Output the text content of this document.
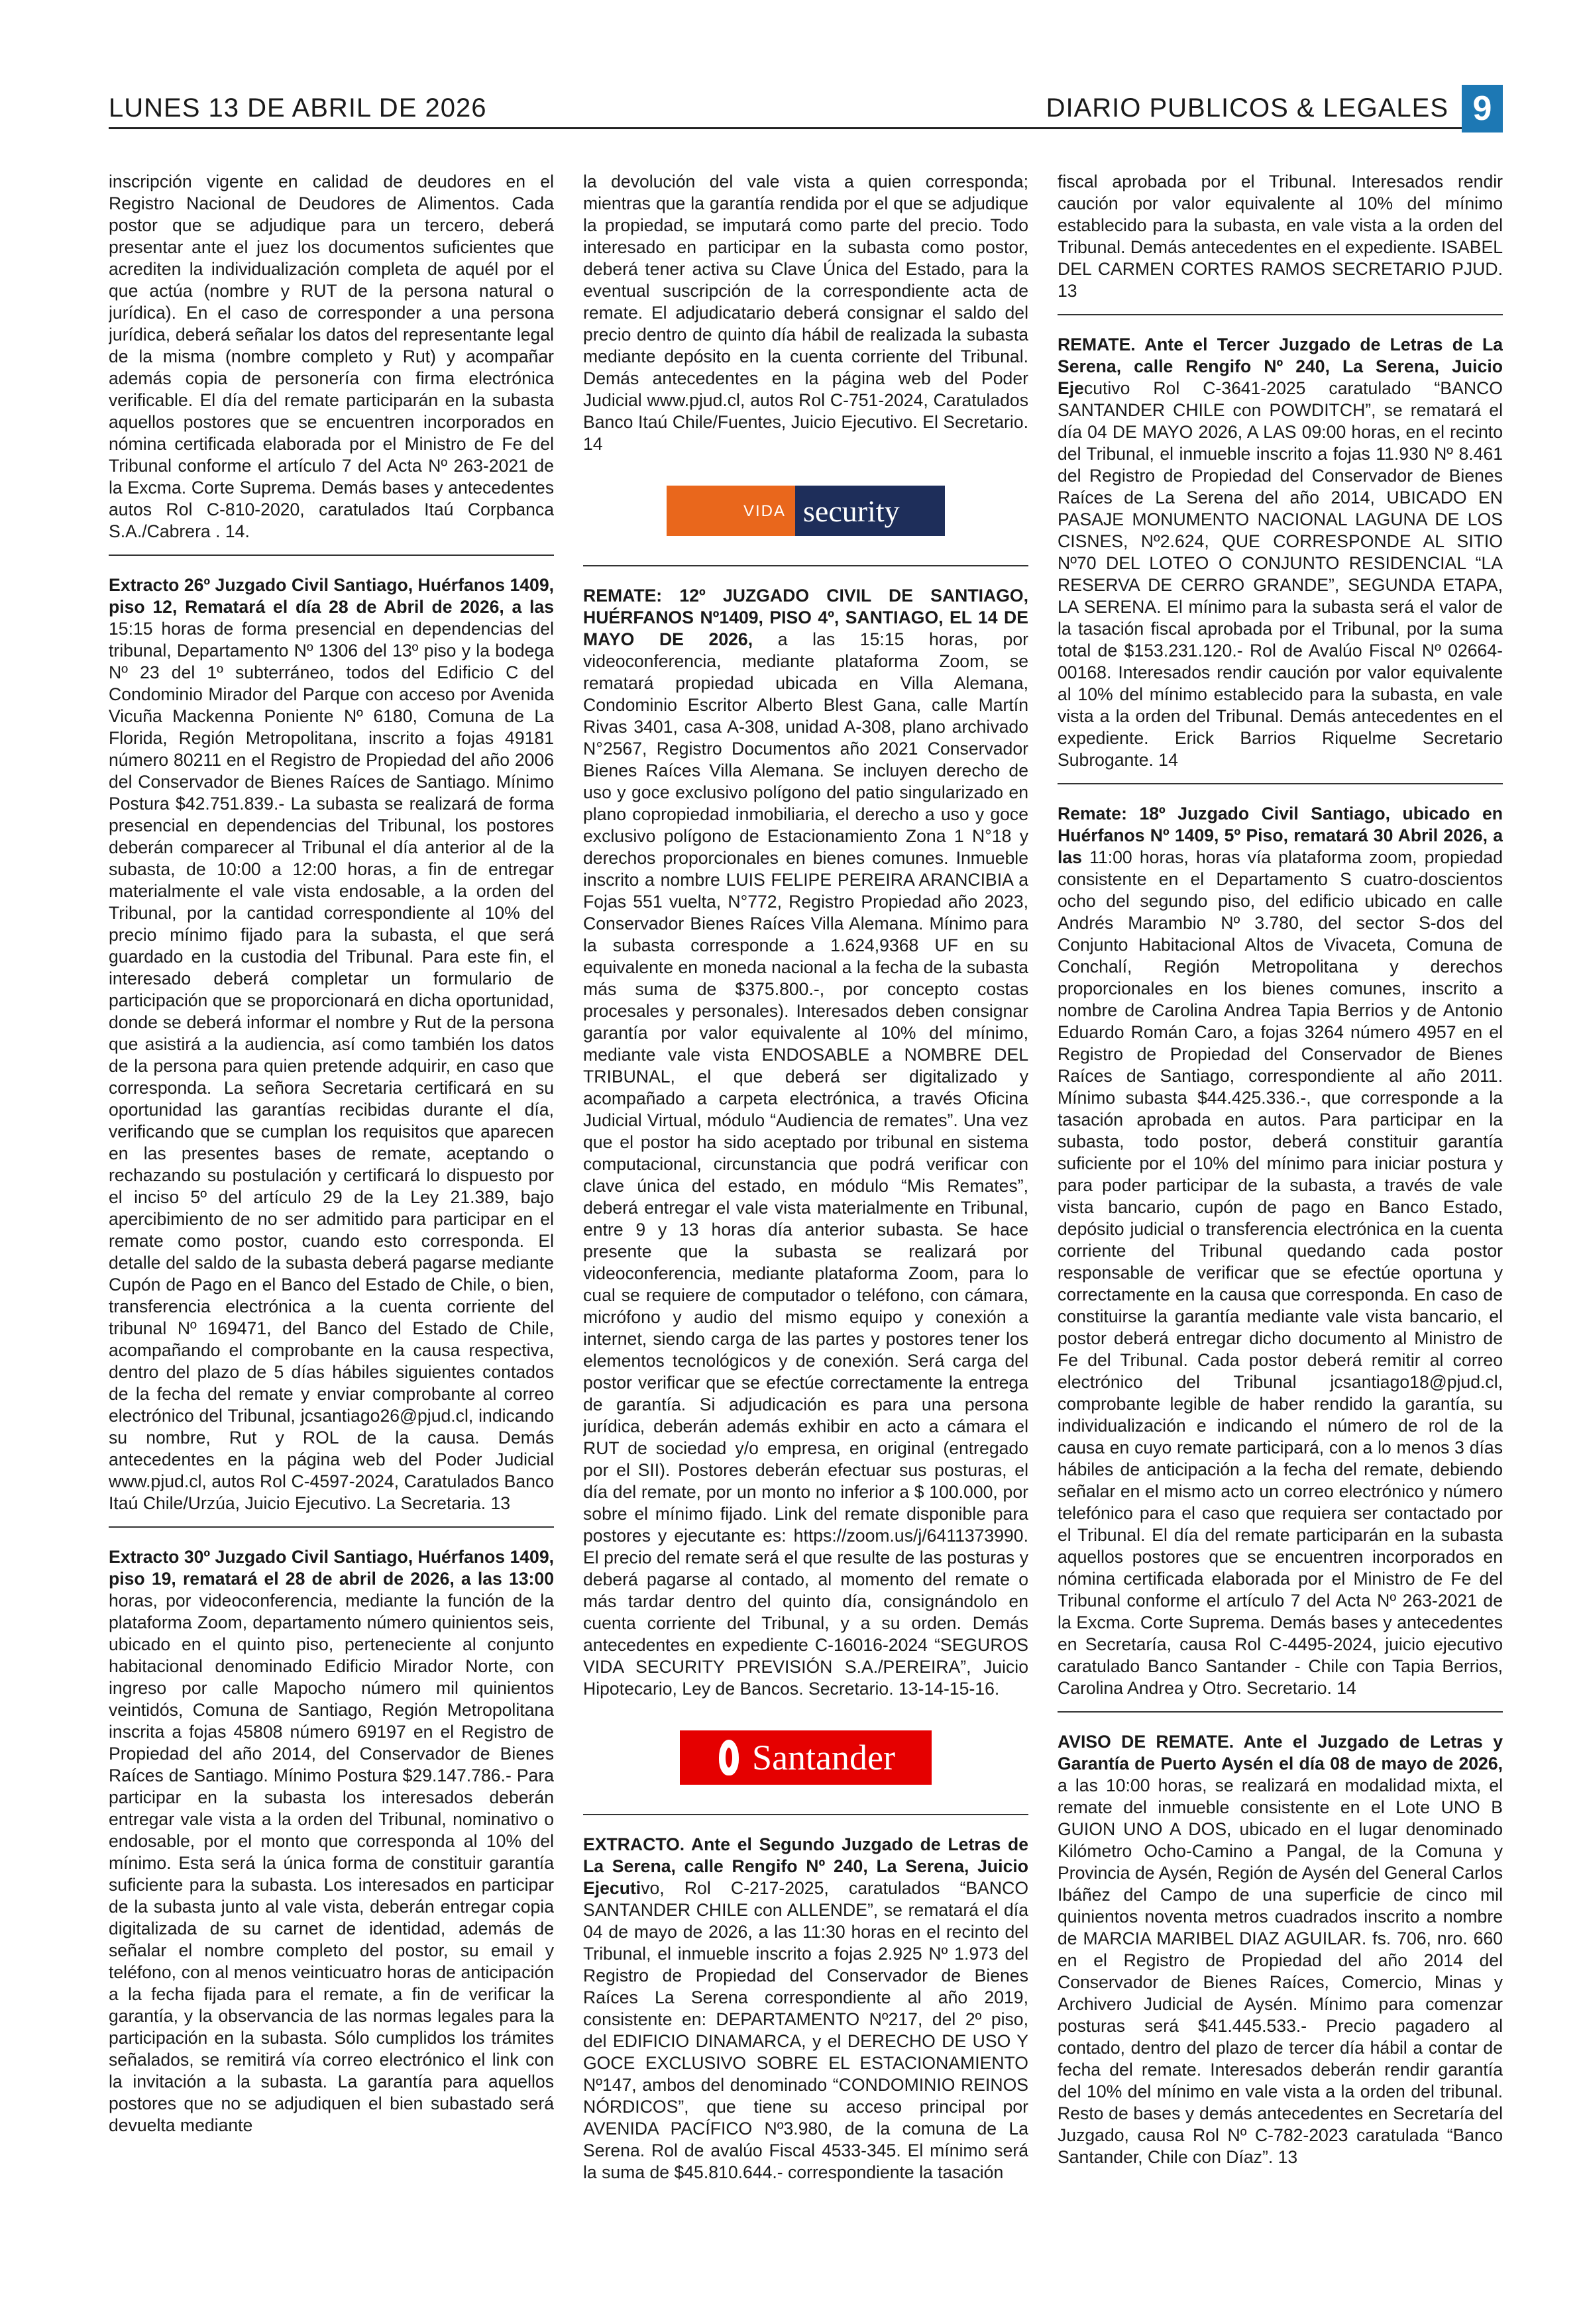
LUNES 13 DE ABRIL DE 2026	DIARIO PUBLICOS & LEGALES 9

inscripción vigente en calidad de deudores en el Registro Nacional de Deudores de Alimentos. Cada postor que se adjudique para un tercero, deberá presentar ante el juez los documentos suficientes que acrediten la individualización completa de aquél por el que actúa (nombre y RUT de la persona natural o jurídica). En el caso de corresponder a una persona jurídica, deberá señalar los datos del representante legal de la misma (nombre completo y Rut) y acompañar además copia de personería con firma electrónica verificable. El día del remate participarán en la subasta aquellos postores que se encuentren incorporados en nómina certificada elaborada por el Ministro de Fe del Tribunal conforme el artículo 7 del Acta Nº 263-2021 de la Excma. Corte Suprema. Demás bases y antecedentes autos Rol C-810-2020, caratulados Itaú Corpbanca S.A./Cabrera . 14.

Extracto 26º Juzgado Civil Santiago, Huérfanos 1409, piso 12, Rematará el día 28 de Abril de 2026, a las 15:15 horas de forma presencial en dependencias del tribunal, Departamento Nº 1306 del 13º piso y la bodega Nº 23 del 1º subterráneo, todos del Edificio C del Condominio Mirador del Parque con acceso por Avenida Vicuña Mackenna Poniente Nº 6180, Comuna de La Florida, Región Metropolitana, inscrito a fojas 49181 número 80211 en el Registro de Propiedad del año 2006 del Conservador de Bienes Raíces de Santiago. Mínimo Postura $42.751.839.- La subasta se realizará de forma presencial en dependencias del Tribunal, los postores deberán comparecer al Tribunal el día anterior al de la subasta, de 10:00 a 12:00 horas, a fin de entregar materialmente el vale vista endosable, a la orden del Tribunal, por la cantidad correspondiente al 10% del precio mínimo fijado para la subasta, el que será guardado en la custodia del Tribunal. Para este fin, el interesado deberá completar un formulario de participación que se proporcionará en dicha oportunidad, donde se deberá informar el nombre y Rut de la persona que asistirá a la audiencia, así como también los datos de la persona para quien pretende adquirir, en caso que corresponda. La señora Secretaria certificará en su oportunidad las garantías recibidas durante el día, verificando que se cumplan los requisitos que aparecen en las presentes bases de remate, aceptando o rechazando su postulación y certificará lo dispuesto por el inciso 5º del artículo 29 de la Ley 21.389, bajo apercibimiento de no ser admitido para participar en el remate como postor, cuando esto corresponda. El detalle del saldo de la subasta deberá pagarse mediante Cupón de Pago en el Banco del Estado de Chile, o bien, transferencia electrónica a la cuenta corriente del tribunal Nº 169471, del Banco del Estado de Chile, acompañando el comprobante en la causa respectiva, dentro del plazo de 5 días hábiles siguientes contados de la fecha del remate y enviar comprobante al correo electrónico del Tribunal, jcsantiago26@pjud.cl, indicando su nombre, Rut y ROL de la causa. Demás antecedentes en la página web del Poder Judicial www.pjud.cl, autos Rol C-4597-2024, Caratulados Banco Itaú Chile/Urzúa, Juicio Ejecutivo. La Secretaria. 13

Extracto 30º Juzgado Civil Santiago, Huérfanos 1409, piso 19, rematará el 28 de abril de 2026, a las 13:00 horas, por videoconferencia, mediante la función de la plataforma Zoom, departamento número quinientos seis, ubicado en el quinto piso, perteneciente al conjunto habitacional denominado Edificio Mirador Norte, con ingreso por calle Mapocho número mil quinientos veintidós, Comuna de Santiago, Región Metropolitana inscrita a fojas 45808 número 69197 en el Registro de Propiedad del año 2014, del Conservador de Bienes Raíces de Santiago. Mínimo Postura $29.147.786.- Para participar en la subasta los interesados deberán entregar vale vista a la orden del Tribunal, nominativo o endosable, por el monto que corresponda al 10% del mínimo. Esta será la única forma de constituir garantía suficiente para la subasta. Los interesados en participar de la subasta junto al vale vista, deberán entregar copia digitalizada de su carnet de identidad, además de señalar el nombre completo del postor, su email y teléfono, con al menos veinticuatro horas de anticipación a la fecha fijada para el remate, a fin de verificar la garantía, y la observancia de las normas legales para la participación en la subasta. Sólo cumplidos los trámites señalados, se remitirá vía correo electrónico el link con la invitación a la subasta. La garantía para aquellos postores que no se adjudiquen el bien subastado será devuelta mediante

la devolución del vale vista a quien corresponda; mientras que la garantía rendida por el que se adjudique la propiedad, se imputará como parte del precio. Todo interesado en participar en la subasta como postor, deberá tener activa su Clave Única del Estado, para la eventual suscripción de la correspondiente acta de remate. El adjudicatario deberá consignar el saldo del precio dentro de quinto día hábil de realizada la subasta mediante depósito en la cuenta corriente del Tribunal. Demás antecedentes en la página web del Poder Judicial www.pjud.cl, autos Rol C-751-2024, Caratulados Banco Itaú Chile/Fuentes, Juicio Ejecutivo. El Secretario. 14

VIDA security

REMATE: 12º JUZGADO CIVIL DE SANTIAGO, HUÉRFANOS Nº1409, PISO 4º, SANTIAGO, EL 14 DE MAYO DE 2026, a las 15:15 horas, por videoconferencia, mediante plataforma Zoom, se rematará propiedad ubicada en Villa Alemana, Condominio Escritor Alberto Blest Gana, calle Martín Rivas 3401, casa A-308, unidad A-308, plano archivado N°2567, Registro Documentos año 2021 Conservador Bienes Raíces Villa Alemana. Se incluyen derecho de uso y goce exclusivo polígono del patio singularizado en plano copropiedad inmobiliaria, el derecho a uso y goce exclusivo polígono de Estacionamiento Zona 1 N°18 y derechos proporcionales en bienes comunes. Inmueble inscrito a nombre LUIS FELIPE PEREIRA ARANCIBIA a Fojas 551 vuelta, N°772, Registro Propiedad año 2023, Conservador Bienes Raíces Villa Alemana. Mínimo para la subasta corresponde a 1.624,9368 UF en su equivalente en moneda nacional a la fecha de la subasta más suma de $375.800.-, por concepto costas procesales y personales). Interesados deben consignar garantía por valor equivalente al 10% del mínimo, mediante vale vista ENDOSABLE a NOMBRE DEL TRIBUNAL, el que deberá ser digitalizado y acompañado a carpeta electrónica, a través Oficina Judicial Virtual, módulo “Audiencia de remates”. Una vez que el postor ha sido aceptado por tribunal en sistema computacional, circunstancia que podrá verificar con clave única del estado, en módulo “Mis Remates”, deberá entregar el vale vista materialmente en Tribunal, entre 9 y 13 horas día anterior subasta. Se hace presente que la subasta se realizará por videoconferencia, mediante plataforma Zoom, para lo cual se requiere de computador o teléfono, con cámara, micrófono y audio del mismo equipo y conexión a internet, siendo carga de las partes y postores tener los elementos tecnológicos y de conexión. Será carga del postor verificar que se efectúe correctamente la entrega de garantía. Si adjudicación es para una persona jurídica, deberán además exhibir en acto a cámara el RUT de sociedad y/o empresa, en original (entregado por el SII). Postores deberán efectuar sus posturas, el día del remate, por un monto no inferior a $ 100.000, por sobre el mínimo fijado. Link del remate disponible para postores y ejecutante es: https://zoom.us/j/6411373990. El precio del remate será el que resulte de las posturas y deberá pagarse al contado, al momento del remate o más tardar dentro del quinto día, consignándolo en cuenta corriente del Tribunal, y a su orden. Demás antecedentes en expediente C-16016-2024 “SEGUROS VIDA SECURITY PREVISIÓN S.A./PEREIRA”, Juicio Hipotecario, Ley de Bancos. Secretario. 13-14-15-16.

Santander

EXTRACTO. Ante el Segundo Juzgado de Letras de La Serena, calle Rengifo Nº 240, La Serena, Juicio Ejecutivo, Rol C-217-2025, caratulados “BANCO SANTANDER CHILE con ALLENDE”, se rematará el día 04 de mayo de 2026, a las 11:30 horas en el recinto del Tribunal, el inmueble inscrito a fojas 2.925 Nº 1.973 del Registro de Propiedad del Conservador de Bienes Raíces La Serena correspondiente al año 2019, consistente en: DEPARTAMENTO Nº217, del 2º piso, del EDIFICIO DINAMARCA, y el DERECHO DE USO Y GOCE EXCLUSIVO SOBRE EL ESTACIONAMIENTO Nº147, ambos del denominado “CONDOMINIO REINOS NÓRDICOS”, que tiene su acceso principal por AVENIDA PACÍFICO Nº3.980, de la comuna de La Serena. Rol de avalúo Fiscal 4533-345. El mínimo será la suma de $45.810.644.- correspondiente la tasación

fiscal aprobada por el Tribunal. Interesados rendir caución por valor equivalente al 10% del mínimo establecido para la subasta, en vale vista a la orden del Tribunal. Demás antecedentes en el expediente. ISABEL DEL CARMEN CORTES RAMOS SECRETARIO PJUD. 13

REMATE. Ante el Tercer Juzgado de Letras de La Serena, calle Rengifo Nº 240, La Serena, Juicio Ejecutivo Rol C-3641-2025 caratulado “BANCO SANTANDER CHILE con POWDITCH”, se rematará el día 04 DE MAYO 2026, A LAS 09:00 horas, en el recinto del Tribunal, el inmueble inscrito a fojas 11.930 Nº 8.461 del Registro de Propiedad del Conservador de Bienes Raíces de La Serena del año 2014, UBICADO EN PASAJE MONUMENTO NACIONAL LAGUNA DE LOS CISNES, Nº2.624, QUE CORRESPONDE AL SITIO Nº70 DEL LOTEO O CONJUNTO RESIDENCIAL “LA RESERVA DE CERRO GRANDE”, SEGUNDA ETAPA, LA SERENA. El mínimo para la subasta será el valor de la tasación fiscal aprobada por el Tribunal, por la suma total de $153.231.120.- Rol de Avalúo Fiscal Nº 02664-00168. Interesados rendir caución por valor equivalente al 10% del mínimo establecido para la subasta, en vale vista a la orden del Tribunal. Demás antecedentes en el expediente. Erick Barrios Riquelme Secretario Subrogante. 14

Remate: 18º Juzgado Civil Santiago, ubicado en Huérfanos Nº 1409, 5º Piso, rematará 30 Abril 2026, a las 11:00 horas, horas vía plataforma zoom, propiedad consistente en el Departamento S cuatro-doscientos ocho del segundo piso, del edificio ubicado en calle Andrés Marambio Nº 3.780, del sector S-dos del Conjunto Habitacional Altos de Vivaceta, Comuna de Conchalí, Región Metropolitana y derechos proporcionales en los bienes comunes, inscrito a nombre de Carolina Andrea Tapia Berrios y de Antonio Eduardo Román Caro, a fojas 3264 número 4957 en el Registro de Propiedad del Conservador de Bienes Raíces de Santiago, correspondiente al año 2011. Mínimo subasta $44.425.336.-, que corresponde a la tasación aprobada en autos. Para participar en la subasta, todo postor, deberá constituir garantía suficiente por el 10% del mínimo para iniciar postura y para poder participar de la subasta, a través de vale vista bancario, cupón de pago en Banco Estado, depósito judicial o transferencia electrónica en la cuenta corriente del Tribunal quedando cada postor responsable de verificar que se efectúe oportuna y correctamente en la causa que corresponda. En caso de constituirse la garantía mediante vale vista bancario, el postor deberá entregar dicho documento al Ministro de Fe del Tribunal. Cada postor deberá remitir al correo electrónico del Tribunal jcsantiago18@pjud.cl, comprobante legible de haber rendido la garantía, su individualización e indicando el número de rol de la causa en cuyo remate participará, con a lo menos 3 días hábiles de anticipación a la fecha del remate, debiendo señalar en el mismo acto un correo electrónico y número telefónico para el caso que requiera ser contactado por el Tribunal. El día del remate participarán en la subasta aquellos postores que se encuentren incorporados en nómina certificada elaborada por el Ministro de Fe del Tribunal conforme el artículo 7 del Acta Nº 263-2021 de la Excma. Corte Suprema. Demás bases y antecedentes en Secretaría, causa Rol C-4495-2024, juicio ejecutivo caratulado Banco Santander - Chile con Tapia Berrios, Carolina Andrea y Otro. Secretario. 14

AVISO DE REMATE. Ante el Juzgado de Letras y Garantía de Puerto Aysén el día 08 de mayo de 2026, a las 10:00 horas, se realizará en modalidad mixta, el remate del inmueble consistente en el Lote UNO B GUION UNO A DOS, ubicado en el lugar denominado Kilómetro Ocho-Camino a Pangal, de la Comuna y Provincia de Aysén, Región de Aysén del General Carlos Ibáñez del Campo de una superficie de cinco mil quinientos noventa metros cuadrados inscrito a nombre de MARCIA MARIBEL DIAZ AGUILAR. fs. 706, nro. 660 en el Registro de Propiedad del año 2014 del Conservador de Bienes Raíces, Comercio, Minas y Archivero Judicial de Aysén. Mínimo para comenzar posturas será $41.445.533.- Precio pagadero al contado, dentro del plazo de tercer día hábil a contar de fecha del remate. Interesados deberán rendir garantía del 10% del mínimo en vale vista a la orden del tribunal. Resto de bases y demás antecedentes en Secretaría del Juzgado, causa Rol Nº C-782-2023 caratulada “Banco Santander, Chile con Díaz”. 13
